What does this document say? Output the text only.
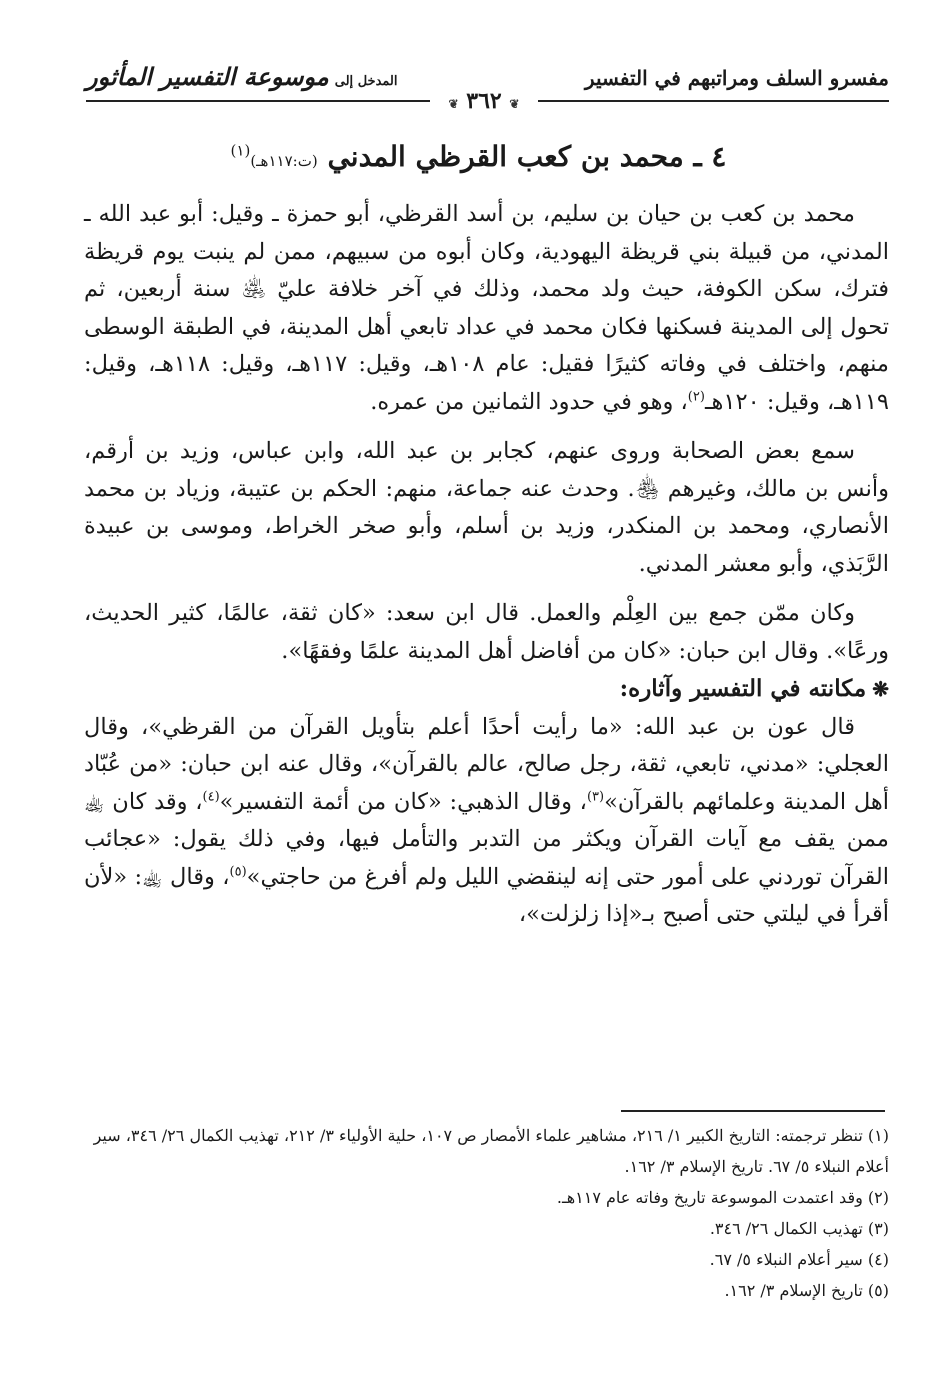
مفسرو السلف ومراتبهم في التفسير
المدخل إلى
موسوعة التفسير المأثور
❦ ٣٦٢ ❦
٤ ـ محمد بن كعب القرظي المدني (ت:١١٧هـ)$^{(١)}$

محمد بن كعب بن حيان بن سليم، بن أسد القرظي، أبو حمزة ـ وقيل: أبو عبد الله ـ المدني، من قبيلة بني قريظة اليهودية، وكان أبوه من سبيهم، ممن لم ينبت يوم قريظة فترك، سكن الكوفة، حيث ولد محمد، وذلك في آخر خلافة عليّ ﵁ سنة أربعين، ثم تحول إلى المدينة فسكنها فكان محمد في عداد تابعي أهل المدينة، في الطبقة الوسطى منهم، واختلف في وفاته كثيرًا فقيل: عام ١٠٨هـ، وقيل: ١١٧هـ، وقيل: ١١٨هـ، وقيل: ١١٩هـ، وقيل: ١٢٠هـ$^{(٢)}$، وهو في حدود الثمانين من عمره.

سمع بعض الصحابة وروى عنهم، كجابر بن عبد الله، وابن عباس، وزيد بن أرقم، وأنس بن مالك، وغيرهم ﵃. وحدث عنه جماعة، منهم: الحكم بن عتيبة، وزياد بن محمد الأنصاري، ومحمد بن المنكدر، وزيد بن أسلم، وأبو صخر الخراط، وموسى بن عبيدة الرَّبَذي، وأبو معشر المدني.

وكان ممّن جمع بين العِلْم والعمل. قال ابن سعد: «كان ثقة، عالمًا، كثير الحديث، ورعًا». وقال ابن حبان: «كان من أفاضل أهل المدينة علمًا وفقهًا».

❋مكانته في التفسير وآثاره:

قال عون بن عبد الله: «ما رأيت أحدًا أعلم بتأويل القرآن من القرظي»، وقال العجلي: «مدني، تابعي، ثقة، رجل صالح، عالم بالقرآن»، وقال عنه ابن حبان: «من عُبّاد أهل المدينة وعلمائهم بالقرآن»$^{(٣)}$، وقال الذهبي: «كان من أئمة التفسير»$^{(٤)}$، وقد كان ﵀ ممن يقف مع آيات القرآن ويكثر من التدبر والتأمل فيها، وفي ذلك يقول: «عجائب القرآن توردني على أمور حتى إنه لينقضي الليل ولم أفرغ من حاجتي»$^{(٥)}$، وقال ﵀: «لأن أقرأ في ليلتي حتى أصبح بـ«إذا زلزلت»،

(١) تنظر ترجمته: التاريخ الكبير ١/ ٢١٦، مشاهير علماء الأمصار ص ١٠٧، حلية الأولياء ٣/ ٢١٢، تهذيب الكمال ٢٦/ ٣٤٦، سير أعلام النبلاء ٥/ ٦٧. تاريخ الإسلام ٣/ ١٦٢.

(٢) وقد اعتمدت الموسوعة تاريخ وفاته عام ١١٧هـ.

(٣) تهذيب الكمال ٢٦/ ٣٤٦.

(٤) سير أعلام النبلاء ٥/ ٦٧.

(٥) تاريخ الإسلام ٣/ ١٦٢.
